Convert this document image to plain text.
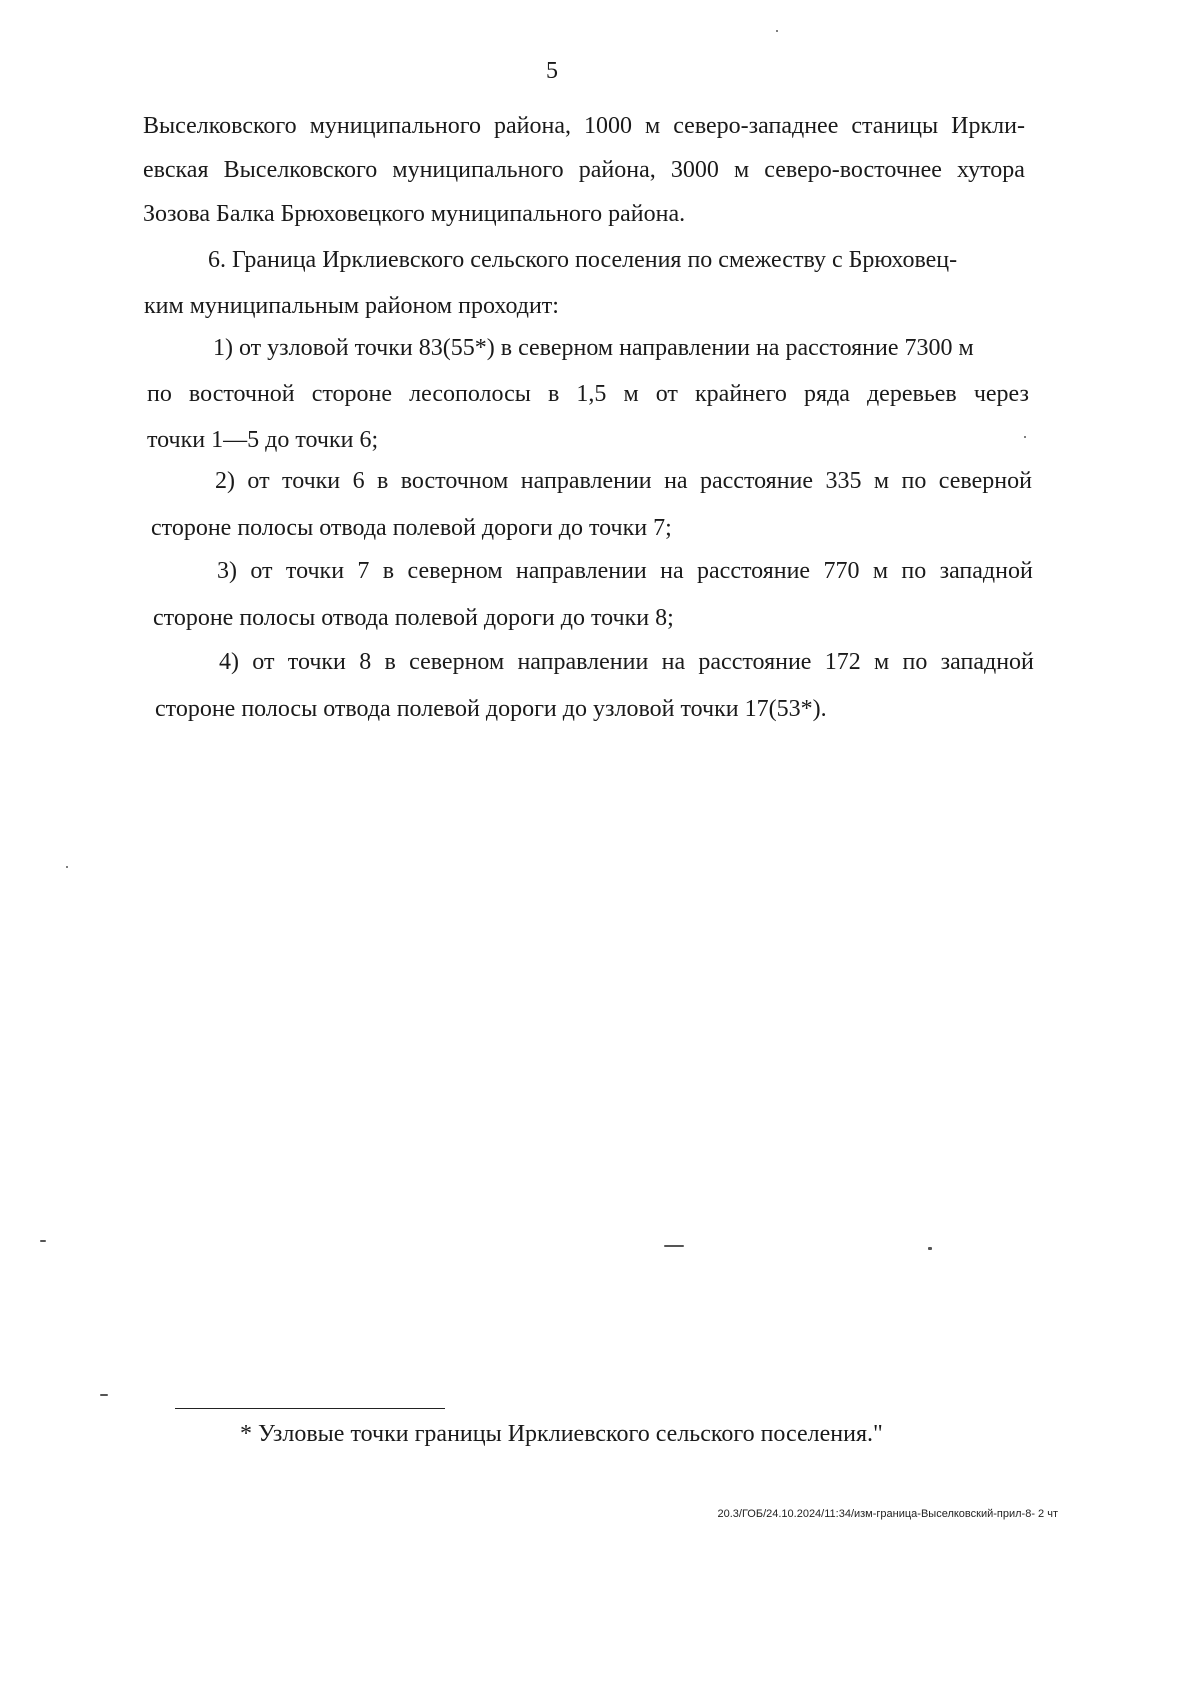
5
Выселковского муниципального района, 1000 м северо-западнее станицы Иркли-
евская Выселковского муниципального района, 3000 м северо-восточнее хутора
Зозова Балка Брюховецкого муниципального района.
6. Граница Ирклиевского сельского поселения по смежеству с Брюховец-
ким муниципальным районом проходит:
1) от узловой точки 83(55*) в северном направлении на расстояние 7300 м
по восточной стороне лесополосы в 1,5 м от крайнего ряда деревьев через
точки 1—5 до точки 6;
2) от точки 6 в восточном направлении на расстояние 335 м по северной
стороне полосы отвода полевой дороги до точки 7;
3) от точки 7 в северном направлении на расстояние 770 м по западной
стороне полосы отвода полевой дороги до точки 8;
4) от точки 8 в северном направлении на расстояние 172 м по западной
стороне полосы отвода полевой дороги до узловой точки 17(53*).
* Узловые точки границы Ирклиевского сельского поселения."
20.3/ГОБ/24.10.2024/11:34/изм-граница-Выселковский-прил-8- 2 чт
